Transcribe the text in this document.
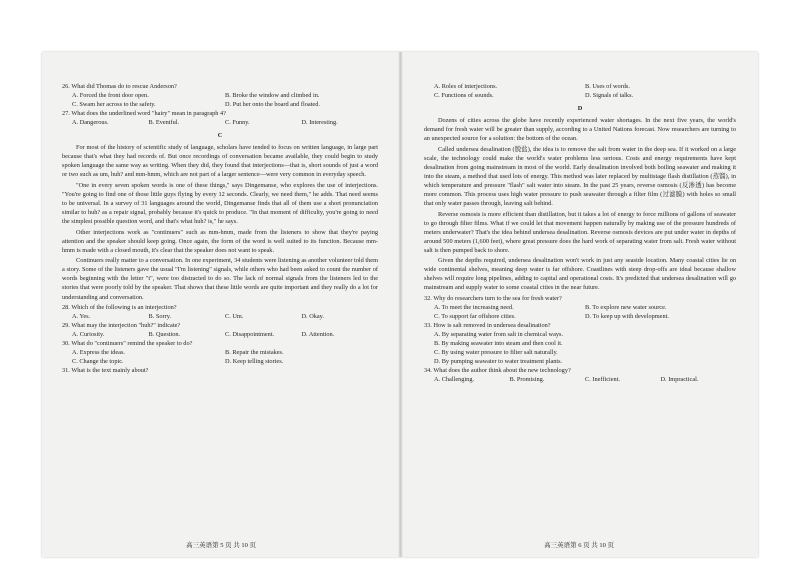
26. What did Thomas do to rescue Anderson?

A. Forced the front door open.	B. Broke the window and climbed in.
C. Swam her across to the safety.	D. Put her onto the board and floated.

27. What does the underlined word "hairy" mean in paragraph 4?

A. Dangerous.	B. Eventful.	C. Funny.	D. Interesting.
C

For most of the history of scientific study of language, scholars have tended to focus on written language, in large part because that's what they had records of. But once recordings of conversation became available, they could begin to study spoken language the same way as writing. When they did, they found that interjections—that is, short sounds of just a word or two such as um, huh? and mm-hmm, which are not part of a larger sentence—were very common in everyday speech.

"One in every seven spoken words is one of these things," says Dingemanse, who explores the use of interjections. "You're going to find one of those little guys flying by every 12 seconds. Clearly, we need them," he adds. That need seems to be universal. In a survey of 31 languages around the world, Dingemanse finds that all of them use a short pronunciation similar to huh? as a repair signal, probably because it's quick to produce. "In that moment of difficulty, you're going to need the simplest possible question word, and that's what huh? is," he says.

Other interjections work as "continuers" such as mm-hmm, made from the listeners to show that they're paying attention and the speaker should keep going. Once again, the form of the word is well suited to its function. Because mm-hmm is made with a closed mouth, it's clear that the speaker does not want to speak.

Continuers really matter to a conversation. In one experiment, 34 students were listening as another volunteer told them a story. Some of the listeners gave the usual "I'm listening" signals, while others who had been asked to count the number of words beginning with the letter "t", were too distracted to do so. The lack of normal signals from the listeners led to the stories that were poorly told by the speaker. That shows that these little words are quite important and they really do a lot for understanding and conversation.

28. Which of the following is an interjection?

A. Yes.	B. Sorry.	C. Um.	D. Okay.

29. What may the interjection "huh?" indicate?

A. Curiosity.	B. Question.	C. Disappointment.	D. Attention.

30. What do "continuers" remind the speaker to do?

A. Express the ideas.	B. Repair the mistakes.
C. Change the topic.	D. Keep telling stories.

31. What is the text mainly about?

高三英语第 5 页 共 10 页
A. Roles of interjections.	B. Uses of words.
C. Functions of sounds.	D. Signals of talks.
D

Dozens of cities across the globe have recently experienced water shortages. In the next five years, the world's demand for fresh water will be greater than supply, according to a United Nations forecast. Now researchers are turning to an unexpected source for a solution: the bottom of the ocean.

Called undersea desalination (脱盐), the idea is to remove the salt from water in the deep sea. If it worked on a large scale, the technology could make the world's water problems less serious. Costs and energy requirements have kept desalination from going mainstream in most of the world. Early desalination involved both boiling seawater and making it into the steam, a method that used lots of energy. This method was later replaced by multistage flash distillation (蒸馏), in which temperature and pressure "flash" salt water into steam. In the past 25 years, reverse osmosis (反渗透) has become more common. This process uses high water pressure to push seawater through a filter film (过滤膜) with holes so small that only water passes through, leaving salt behind.

Reverse osmosis is more efficient than distillation, but it takes a lot of energy to force millions of gallons of seawater to go through filter films. What if we could let that movement happen naturally by making use of the pressure hundreds of meters underwater? That's the idea behind undersea desalination. Reverse osmosis devices are put under water in depths of around 500 meters (1,600 feet), where great pressure does the hard work of separating water from salt. Fresh water without salt is then pumped back to shore.

Given the depths required, undersea desalination won't work in just any seaside location. Many coastal cities lie on wide continental shelves, meaning deep water is far offshore. Coastlines with steep drop-offs are ideal because shallow shelves will require long pipelines, adding to capital and operational costs. It's predicted that undersea desalination will go mainstream and supply water to some coastal cities in the near future.

32. Why do researchers turn to the sea for fresh water?

A. To meet the increasing need.	B. To explore new water source.
C. To support far offshore cities.	D. To keep up with development.

33. How is salt removed in undersea desalination?

A. By separating water from salt in chemical ways.
B. By making seawater into steam and then cool it.
C. By using water pressure to filter salt naturally.
D. By pumping seawater to water treatment plants.

34. What does the author think about the new technology?

A. Challenging.	B. Promising.	C. Inefficient.	D. Impractical.
高三英语第 6 页 共 10 页
